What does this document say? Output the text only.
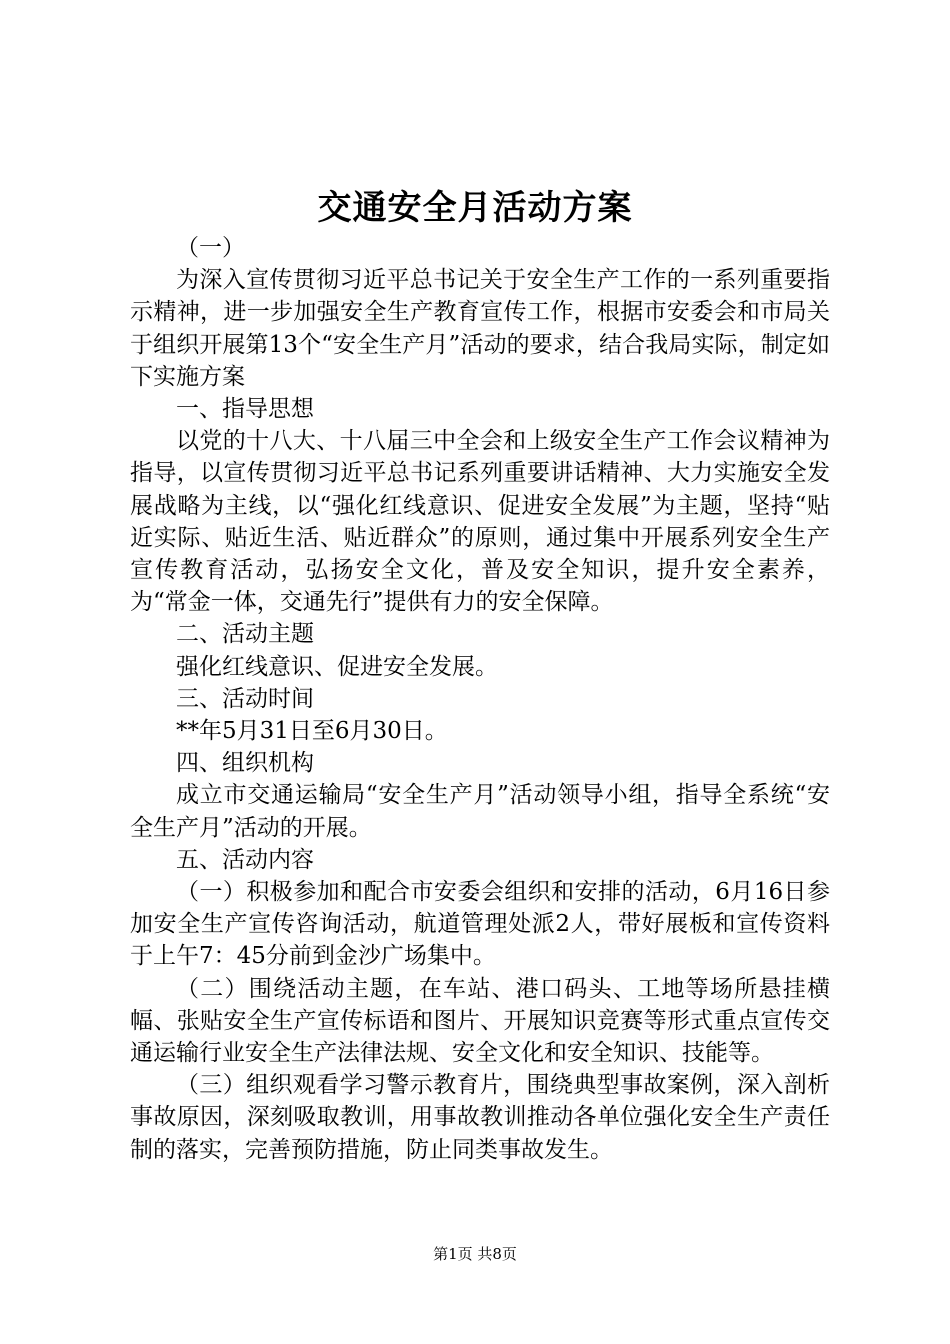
交通安全月活动方案

（一）

为深入宣传贯彻习近平总书记关于安全生产工作的一系列重要指示精神，进一步加强安全生产教育宣传工作，根据市安委会和市局关于组织开展第13个“安全生产月”活动的要求，结合我局实际，制定如下实施方案

一、指导思想

以党的十八大、十八届三中全会和上级安全生产工作会议精神为指导，以宣传贯彻习近平总书记系列重要讲话精神、大力实施安全发展战略为主线，以“强化红线意识、促进安全发展”为主题，坚持“贴近实际、贴近生活、贴近群众”的原则，通过集中开展系列安全生产宣传教育活动，弘扬安全文化，普及安全知识，提升安全素养，为“常金一体，交通先行”提供有力的安全保障。

二、活动主题

强化红线意识、促进安全发展。

三、活动时间

**年5月31日至6月30日。

四、组织机构

成立市交通运输局“安全生产月”活动领导小组，指导全系统“安全生产月”活动的开展。

五、活动内容

（一）积极参加和配合市安委会组织和安排的活动，6月16日参加安全生产宣传咨询活动，航道管理处派2人，带好展板和宣传资料于上午7：45分前到金沙广场集中。

（二）围绕活动主题，在车站、港口码头、工地等场所悬挂横幅、张贴安全生产宣传标语和图片、开展知识竞赛等形式重点宣传交通运输行业安全生产法律法规、安全文化和安全知识、技能等。

（三）组织观看学习警示教育片，围绕典型事故案例，深入剖析事故原因，深刻吸取教训，用事故教训推动各单位强化安全生产责任制的落实，完善预防措施，防止同类事故发生。

第1页 共8页
